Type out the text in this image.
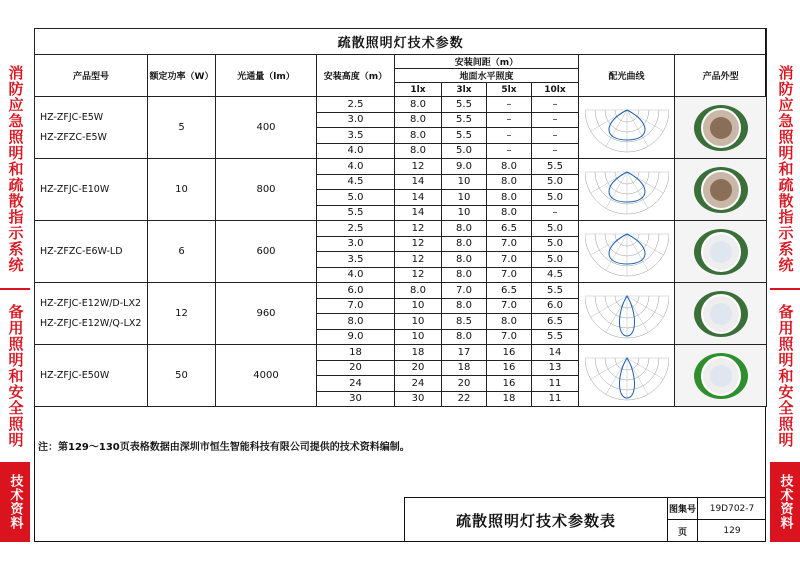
消防应急照明和疏散指示系统
备用照明和安全照明
技术资料
消防应急照明和疏散指示系统
备用照明和安全照明
技术资料
疏散照明灯技术参数									
产品型号	额定功率（W）	光通量（lm）	安装高度（m）	安装间距（m）				配光曲线	产品外型
				地面水平照度					
				1lx	3lx	5lx	10lx		

HZ-ZFJC-E5W
HZ-ZFZC-E5W	5	400	2.5	8.0	5.5	–	–	

			3.0	8.0	5.5	–	–		
			3.5	8.0	5.5	–	–		
			4.0	8.0	5.0	–	–		

HZ-ZFJC-E10W	10	800	4.0	12	9.0	8.0	5.5	

			4.5	14	10	8.0	5.0		
			5.0	14	10	8.0	5.0		
			5.5	14	10	8.0	–		

HZ-ZFZC-E6W-LD	6	600	2.5	12	8.0	6.5	5.0	

			3.0	12	8.0	7.0	5.0		
			3.5	12	8.0	7.0	5.0		
			4.0	12	8.0	7.0	4.5		

HZ-ZFJC-E12W/D-LX2
HZ-ZFJC-E12W/Q-LX2	12	960	6.0	8.0	7.0	6.5	5.5	

			7.0	10	8.0	7.0	6.0		
			8.0	10	8.5	8.0	6.5		
			9.0	10	8.0	7.0	5.5		

HZ-ZFJC-E50W	50	4000	18	18	17	16	14	

			20	20	18	16	13		
			24	24	20	16	11		
			30	30	22	18	11		
注：第129～130页表格数据由深圳市恒生智能科技有限公司提供的技术资料编制。
疏散照明灯技术参数表
图集号	19D702-7
页	129
